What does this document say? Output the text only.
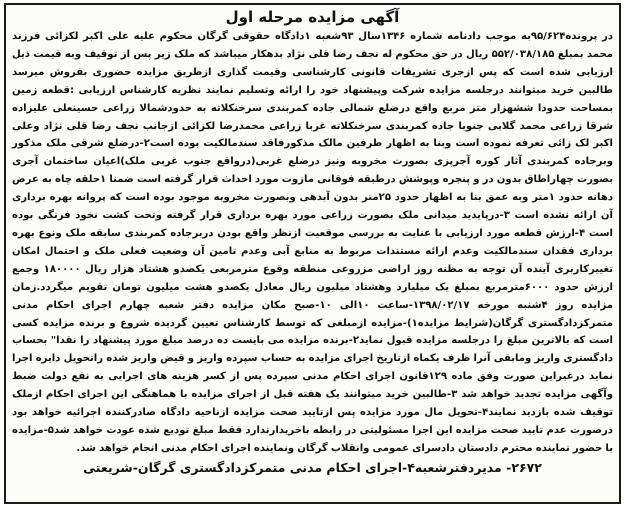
آگهی مزایده مرحله اول
در پرونده۹۵/۶۲۴به موجب دادنامه شماره ۱۳۴۶سال ۹۳شعبه ۱دادگاه حقوقی گرگان محکوم علیه علی اکبر لکزائی فرزند محمد بمبلغ ۵۵۲/۰۳۸/۱۸۵ ریال در حق محکوم له نجف رضا قلی نژاد بدهکار میباشد که ملک زیر پس از توقیف وبه قیمت ذیل ارزیابی شده است که پس ازجری تشریفات قانونی کارشناسی وقیمت گذاری ازطریق مزایده حضوری بفروش میرسد طالبین خرید میتوانند درجلسه مزایده شرکت وپیشنهاد خود را ارائه وتسلیم نمایند نظریه کارشناس ارزیابی :قطعه زمین بمساحت حدودا ششهزار متر مربع واقع درضلع شمالی جاده کمربندی سرخنکلاته به حدودشمالا زراعی حسینعلی علیزاده شرقا زراعی محمد گلابی جنوبا جاده کمربندی سرخنکلاته غربا زراعی محمدرضا لکزائی ازجانب نجف رضا قلی نژاد وعلی اکبر لک زائی تعرفه نموده است وبنا به اظهار طرفین مالک مذکورفاقد سندمالکیت بوده است۲-درضلع شرقی ملک مذکور وبرجاده کمربندی آثار کوره آجرپزی بصورت مخروبه ونیز درضلع غربی(درواقع جنوب غربی ملک)اعیان ساختمان آجری بصورت چهاراطاق بدون در و پنجره وپوشش درطبقه فوقانی مازوت مورد احداث قرار گرفته است ضمنا ۱حلقه چاه به عرض دهانه حدود ۱متر وبه عمق بنا به اظهار حدود ۲۵متر بدون آبدهی وبصورت مخروبه موجود بوده است که پروانه بهره برداری آن ارائه نشده است ۳-درپایدید میدانی ملک بصورت زراعی مورد بهره برداری قرار گرفته وتحت کشت نخود فرنگی بوده است ۴-ارزش قطعه مورد ارزیابی با عنایت به بررسی موقعیت ازنظر واقع بودن دربرجاده کمربندی سابقه ملک ونوع بهره برداری فقدان سندمالکیت وعدم ارائه مستندات مربوط به منابع آبی وعدم تامین آن وضعیت فعلی ملک و احتمال امکان تغییرکاربری آینده آن توجه به مظنه روز اراضی مزروعی منطقه وقوع مترمربعی یکصدو هشتاد هزار ریال ۱۸۰۰۰۰ وجمع ارزش حدود ۶۰۰۰مترمربع بمبلغ یک میلیارد وهشتاد میلیون ریال معادل یکصدو هشت میلیون تومان تقویم میگردد.زمان مزایده روز ۴شنبه مورخه ۱۳۹۸/۰۲/۱۷-ساعت ۱۰الی ۱۰-صبح مکان مزایده دفتر شعبه چهارم اجرای احکام مدنی متمرکزدادگستری گرگان(شرایط مزایده۱)-مزایده ازمبلغی که توسط کارشناس تعیین گردیده شروع و برنده مزایده کسی است که بالاترین مبلغ را درجلسه مزایده قبول نماید۲-برنده مزایده می بایست ده درصد مبلغ مورد پیشنهاد را نقدا" بحساب دادگستری واریز ومابقی آنرا ظرف یکماه ازتاریخ اجرای مزایده به حساب سپرده واریز و قیض واریز شده راتحویل دایره اجرا نماید درغیراین صورت وفق ماده ۱۲۹قانون اجرای احکام مدنی سپرده پس از کسر هزینه های اجرایی به نفع دولت ضبط وآگهی مزایده تجدید خواهد شد ۳-طالبین خرید میتوانند یک هفته قبل از اجرای مزایده با هماهنگی این اجرای احکام ازملک توقیف شده بازدید نمایند۴-تحویل مال مورد مزایده پس ازتایید صحت مزایده ازناحیه دادگاه صادرکننده اجرائیه خواهد بود درصورت عدم تایید صحت مزایده این اجرا مسئولیتی در رابطه باخریدارندارد فقط مبلغ تودیع شده عودت خواهد شد۵-مزایده با حضور نماینده محترم دادستان دادسرای عمومی وانقلاب گرگان ونماینده اجرای احکام مدنی انجام خواهد شد.
۲۶۷۲- مدیردفترشعبه۴-اجرای احکام مدنی متمرکزدادگستری گرگان-شریعتی
